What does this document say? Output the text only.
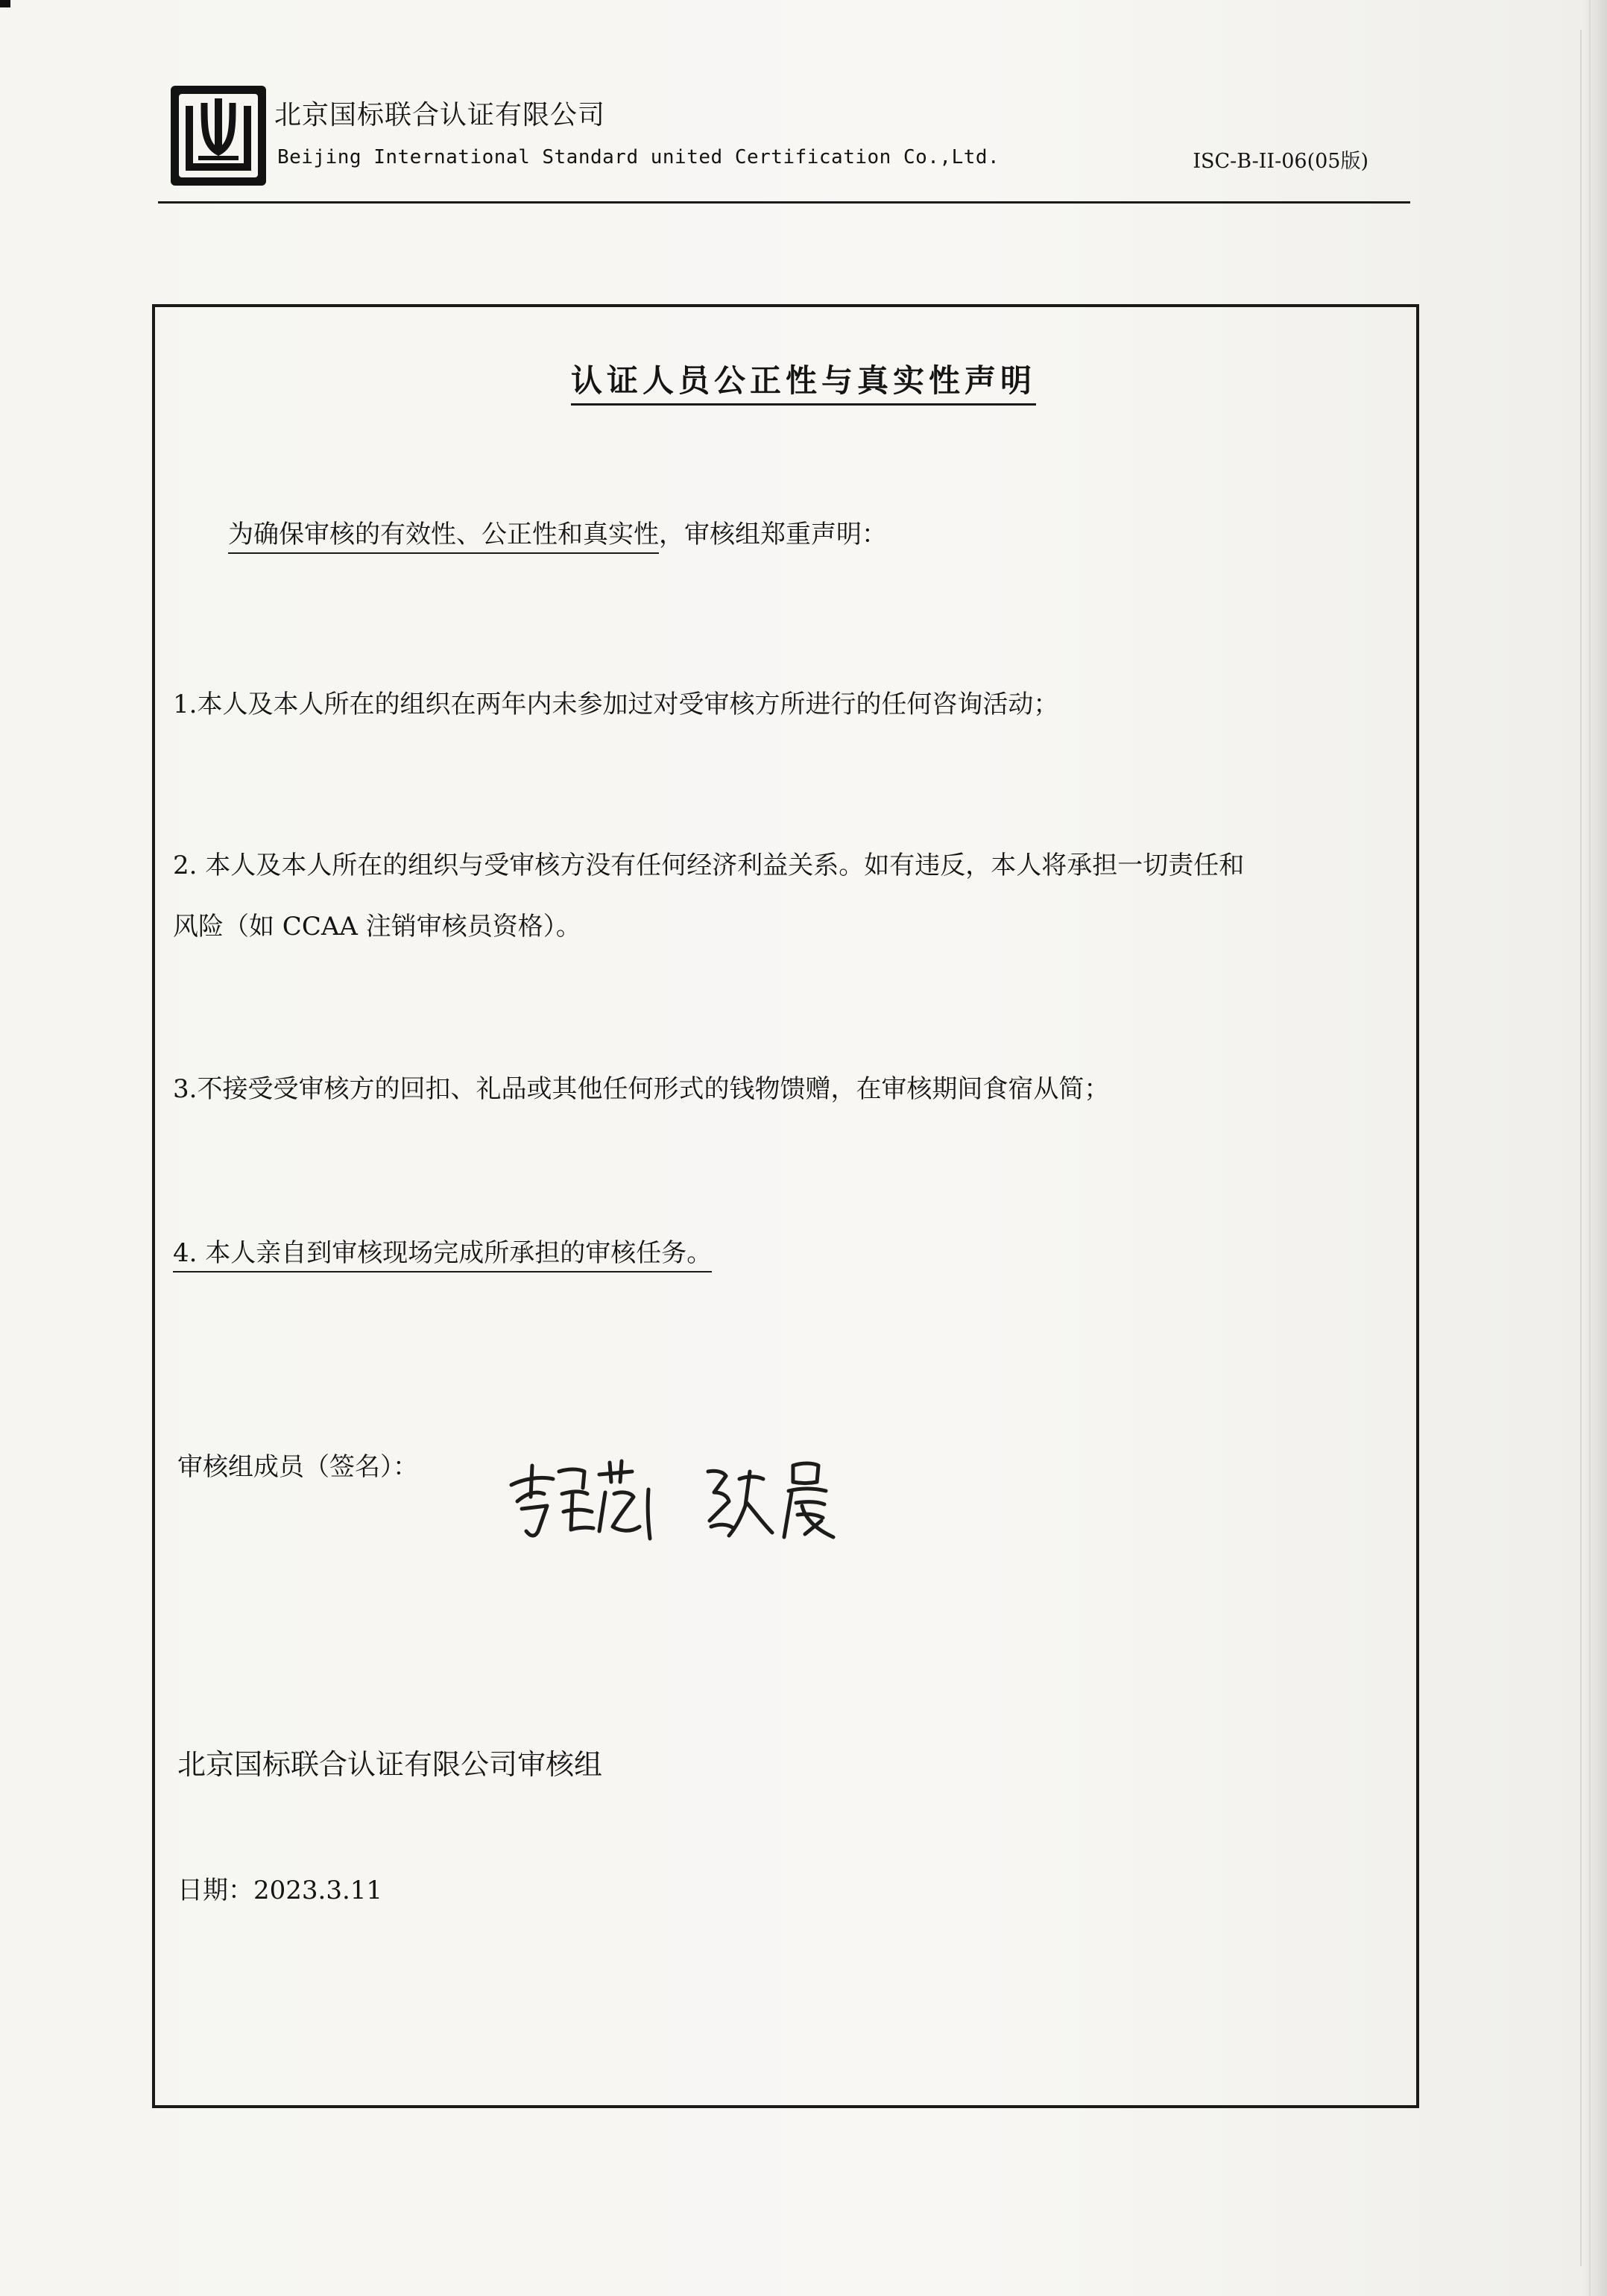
北京国标联合认证有限公司
Beijing International Standard united Certification Co.,Ltd.	ISC-B-II-06(05版)
认证人员公正性与真实性声明
为确保审核的有效性、公正性和真实性，审核组郑重声明：
1.本人及本人所在的组织在两年内未参加过对受审核方所进行的任何咨询活动；
2. 本人及本人所在的组织与受审核方没有任何经济利益关系。如有违反，本人将承担一切责任和
风险（如 CCAA 注销审核员资格）。
3.不接受受审核方的回扣、礼品或其他任何形式的钱物馈赠，在审核期间食宿从简；
4. 本人亲自到审核现场完成所承担的审核任务。
审核组成员（签名）：
北京国标联合认证有限公司审核组
日期：2023.3.11
